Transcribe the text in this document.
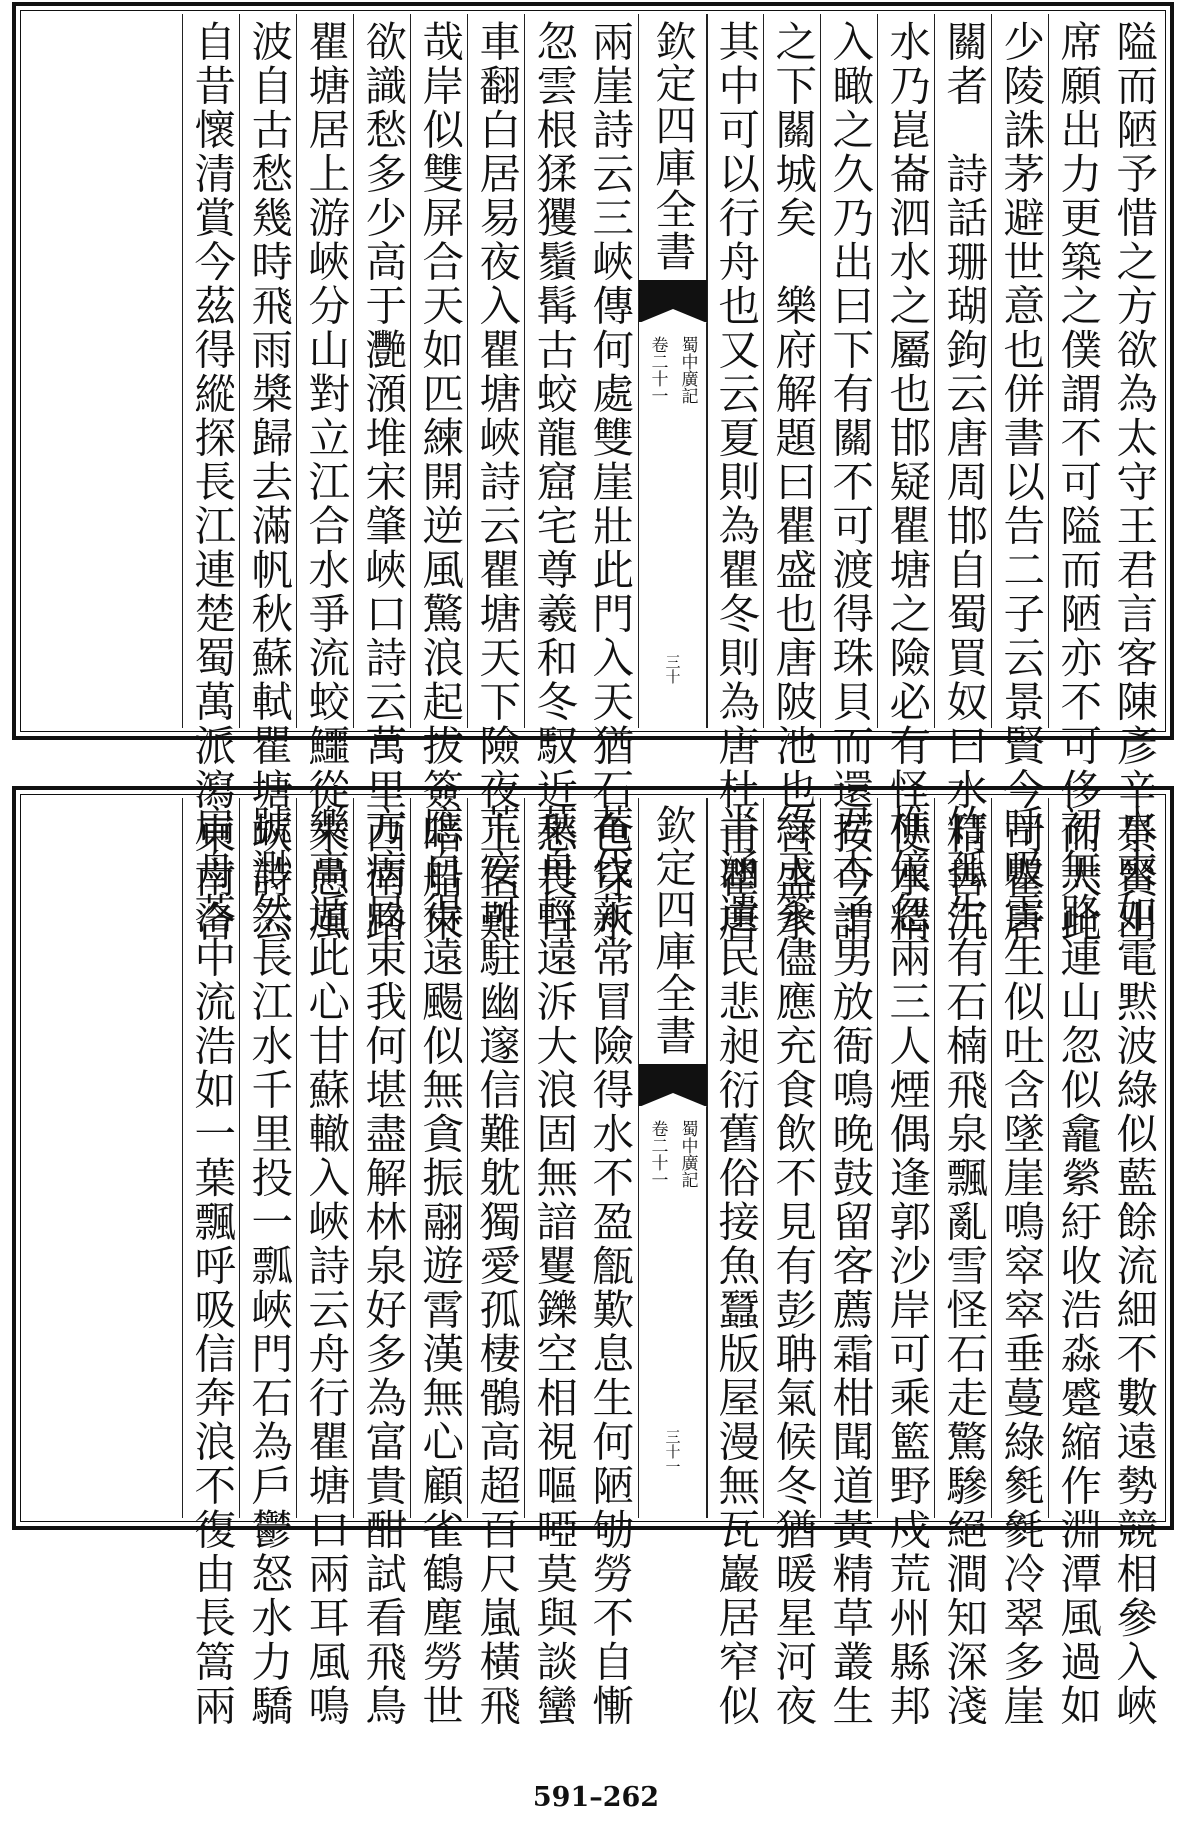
隘而陋予惜之方欲為太守王君言客陳彥辛景賢出
席願出力更築之僕謂不可隘而陋亦不可侈而大此
少陵誅茅避世意也併書以告二子云景賢今司瞿唐
關者　詩話珊瑚鉤云唐周邯自蜀買奴曰水精善沉
水乃崑崙泗水之屬也邯疑瞿塘之險必有怪使水精
入瞰之久乃出曰下有關不可渡得珠貝而還按今謂
之下關城矣　樂府解題曰瞿盛也唐陂池也言盛水
其中可以行舟也又云夏則為瞿冬則為唐杜甫瞿唐
欽定四庫全書
蜀中廣記
卷二十一
三十
兩崖詩云三峽傳何處雙崖壯此門入天猶石色穿水
忽雲根猱玃鬚髯古蛟龍窟宅尊羲和冬馭近愁畏日
車翻白居易夜入瞿塘峽詩云瞿塘天下險夜上信難
哉岸似雙屏合天如匹練開逆風驚浪起拔簽暗船來
欲識愁多少高于灧澦堆宋肇峽口詩云萬里西南路
瞿塘居上游峽分山對立江合水爭流蛟鱷從來患風
波自古愁幾時飛雨槳歸去滿帆秋蘇軾瞿塘峽詩云
自昔懷清賞今茲得縱探長江連楚蜀萬派瀉東南合
水來如電黙波綠似藍餘流細不數遠勢競相參入峽
初無路連山忽似龕縈紆收浩淼蹙縮作淵潭風過如
呼吸雲生似吐含墜崖鳴窣窣垂蔓綠毿毿冷翠多崖
竹孤生有石楠飛泉飄亂雪怪石走驚驂絕澗知深淺
樵僮忽兩三人煙偶逢郭沙岸可乘籃野戍荒州縣邦
君古子男放衙鳴晚鼓留客薦霜柑聞道黃精草叢生
綠玉篸儘應充食飲不見有彭聃氣候冬猶暖星河夜
半涵遺民悲昶衍舊俗接魚蠶版屋漫無瓦巖居窄似
欽定四庫全書
蜀中廣記
卷二十一
三十一
菴伐薪常冒險得水不盈甔歎息生何陋劬勞不自慚
葉舟輕遠泝大浪固無諳矍鑠空相視嘔啞莫與談蠻
荒安可駐幽邃信難躭獨愛孤棲鶻高超百尺嵐橫飛
應自得遠颺似無貪振翮遊霄漢無心顧雀鶴塵勞世
方病局束我何堪盡解林泉好多為富貴酣試看飛鳥
樂高遁此心甘蘇轍入峽詩云舟行瞿塘口兩耳風鳴
號渺然長江水千里投一瓢峽門石為戶鬱怒水力驕
扁舟落中流浩如一葉飄呼吸信奔浪不復由長篙兩
591–262
